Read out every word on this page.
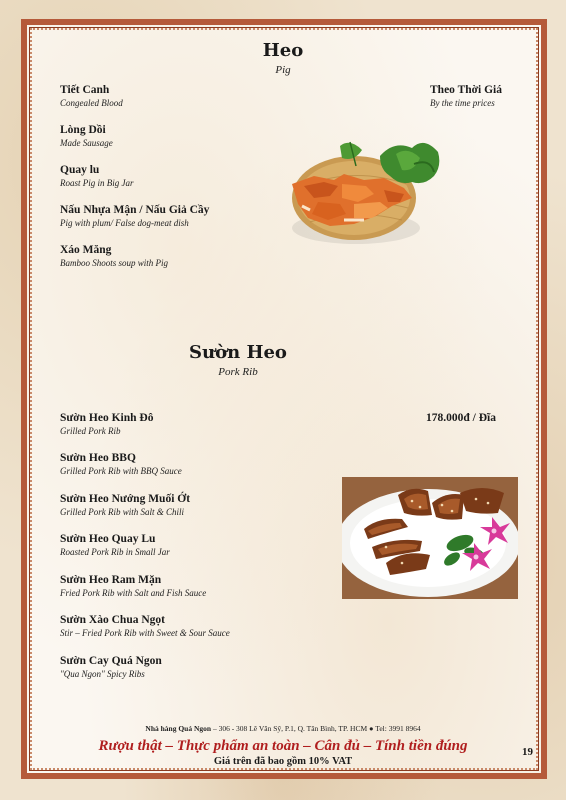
Heo
Pig
Theo Thời Giá
By the time prices
Tiết Canh
Congealed Blood
Lòng Dồi
Made Sausage
Quay lu
Roast Pig in Big Jar
Nấu Nhựa Mận / Nấu Giả Cầy
Pig with plum/ False dog-meat dish
Xáo Măng
Bamboo Shoots soup with Pig
Sườn Heo
Pork Rib
178.000đ / Đĩa
Sườn Heo Kinh Đô
Grilled Pork Rib
Sườn Heo BBQ
Grilled Pork Rib with BBQ Sauce
Sườn Heo Nướng Muối Ớt
Grilled Pork Rib with Salt & Chili
Sườn Heo Quay Lu
Roasted Pork Rib in Small Jar
Sườn Heo Ram Mặn
Fried Pork Rib with Salt and Fish Sauce
Sườn Xào Chua Ngọt
Stir – Fried Pork Rib with Sweet & Sour Sauce
Sườn Cay Quá Ngon
"Qua Ngon" Spicy Ribs
Nhà hàng Quá Ngon – 306 - 308 Lê Văn Sỹ, P.1, Q. Tân Bình, TP. HCM ● Tel: 3991 8964
Rượu thật – Thực phẩm an toàn – Cân đủ – Tính tiền đúng
Giá trên đã bao gồm 10% VAT
19
